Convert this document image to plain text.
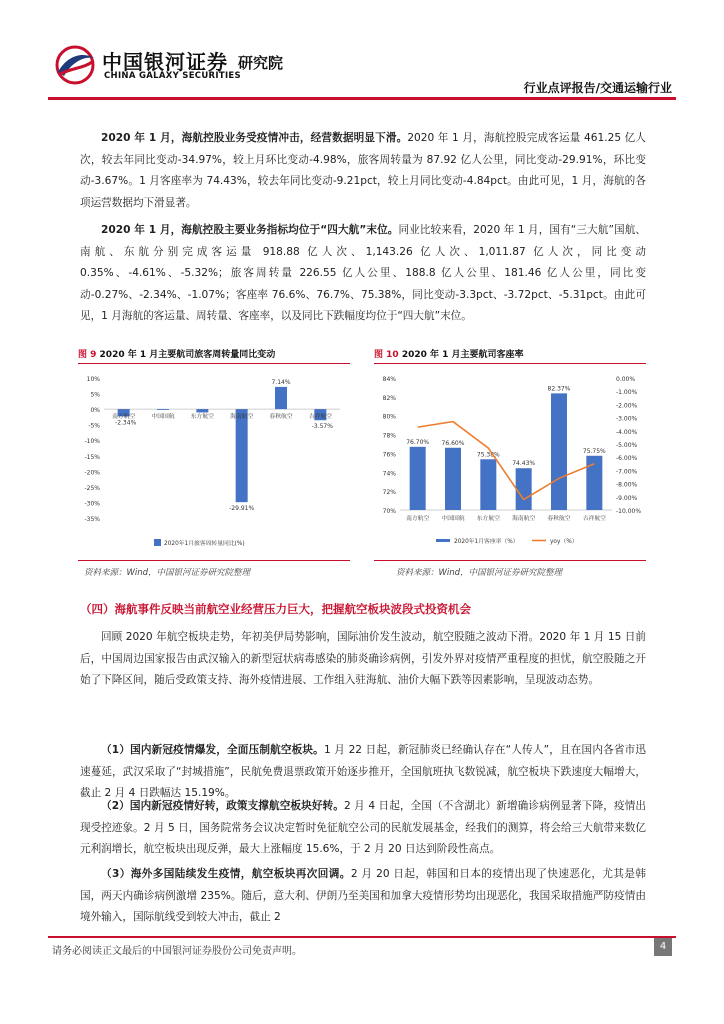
中国银河证券 研究院
CHINA GALAXY SECURITIES
行业点评报告/交通运输行业

2020 年 1 月，海航控股业务受疫情冲击，经营数据明显下滑。2020 年 1 月，海航控股完成客运量 461.25 亿人次，较去年同比变动-34.97%，较上月环比变动-4.98%，旅客周转量为 87.92 亿人公里，同比变动-29.91%，环比变动-3.67%。1 月客座率为 74.43%，较去年同比变动-9.21pct，较上月同比变动-4.84pct。由此可见，1 月，海航的各项运营数据均下滑显著。

2020 年 1 月，海航控股主要业务指标均位于“四大航”末位。同业比较来看，2020 年 1 月，国有“三大航”国航、南航、东航分别完成客运量 918.88 亿人次、1,143.26 亿人次、1,011.87 亿人次，同比变动 0.35%、-4.61%、-5.32%；旅客周转量 226.55 亿人公里、188.8 亿人公里、181.46 亿人公里，同比变动-0.27%、-2.34%、-1.07%；客座率 76.6%、76.7%、75.38%，同比变动-3.3pct、-3.72pct、-5.31pct。由此可见，1 月海航的客运量、周转量、客座率，以及同比下跌幅度均位于“四大航”末位。

图 9 2020 年 1 月主要航司旅客周转量同比变动	图 10 2020 年 1 月主要航司客座率
10%
5%
0%
-5%
-10%
-15%
-20%
-25%
-30%
-35%
南方航空
-2.34%
中国国航	东方航空	海南航空
-29.91%
春秋航空
7.14%
吉祥航空
-3.57%
2020年1月旅客周转量同比(%)
84%
82%
80%
78%
76%
74%
72%
70%
0.00%
-1.00%
-2.00%
-3.00%
-4.00%
-5.00%
-6.00%
-7.00%
-8.00%
-9.00%
-10.00%
76.70%
南方航空
76.60%
中国国航
75.38%
东方航空
74.43%
海南航空
82.37%
春秋航空
75.75%
吉祥航空
2020年1月客座率（%）	yoy（%）
资料来源：Wind，中国银河证券研究院整理	资料来源：Wind，中国银河证券研究院整理
（四）海航事件反映当前航空业经营压力巨大，把握航空板块波段式投资机会

回顾 2020 年航空板块走势，年初美伊局势影响，国际油价发生波动，航空股随之波动下滑。2020 年 1 月 15 日前后，中国周边国家报告由武汉输入的新型冠状病毒感染的肺炎确诊病例，引发外界对疫情严重程度的担忧，航空股随之开始了下降区间，随后受政策支持、海外疫情进展、工作组入驻海航、油价大幅下跌等因素影响，呈现波动态势。

（1）国内新冠疫情爆发，全面压制航空板块。1 月 22 日起，新冠肺炎已经确认存在“人传人”，且在国内各省市迅速蔓延，武汉采取了“封城措施”，民航免费退票政策开始逐步推开，全国航班执飞数锐减，航空板块下跌速度大幅增大，截止 2 月 4 日跌幅达 15.19%。

（2）国内新冠疫情好转，政策支撑航空板块好转。2 月 4 日起，全国（不含湖北）新增确诊病例显著下降，疫情出现受控迹象。2 月 5 日，国务院常务会议决定暂时免征航空公司的民航发展基金，经我们的测算，将会给三大航带来数亿元利润增长，航空板块出现反弹，最大上涨幅度 15.6%，于 2 月 20 日达到阶段性高点。

（3）海外多国陆续发生疫情，航空板块再次回调。2 月 20 日起，韩国和日本的疫情出现了快速恶化，尤其是韩国，两天内确诊病例激增 235%。随后，意大利、伊朗乃至美国和加拿大疫情形势均出现恶化，我国采取措施严防疫情由境外输入，国际航线受到较大冲击，截止 2

请务必阅读正文最后的中国银河证券股份公司免责声明。	4
